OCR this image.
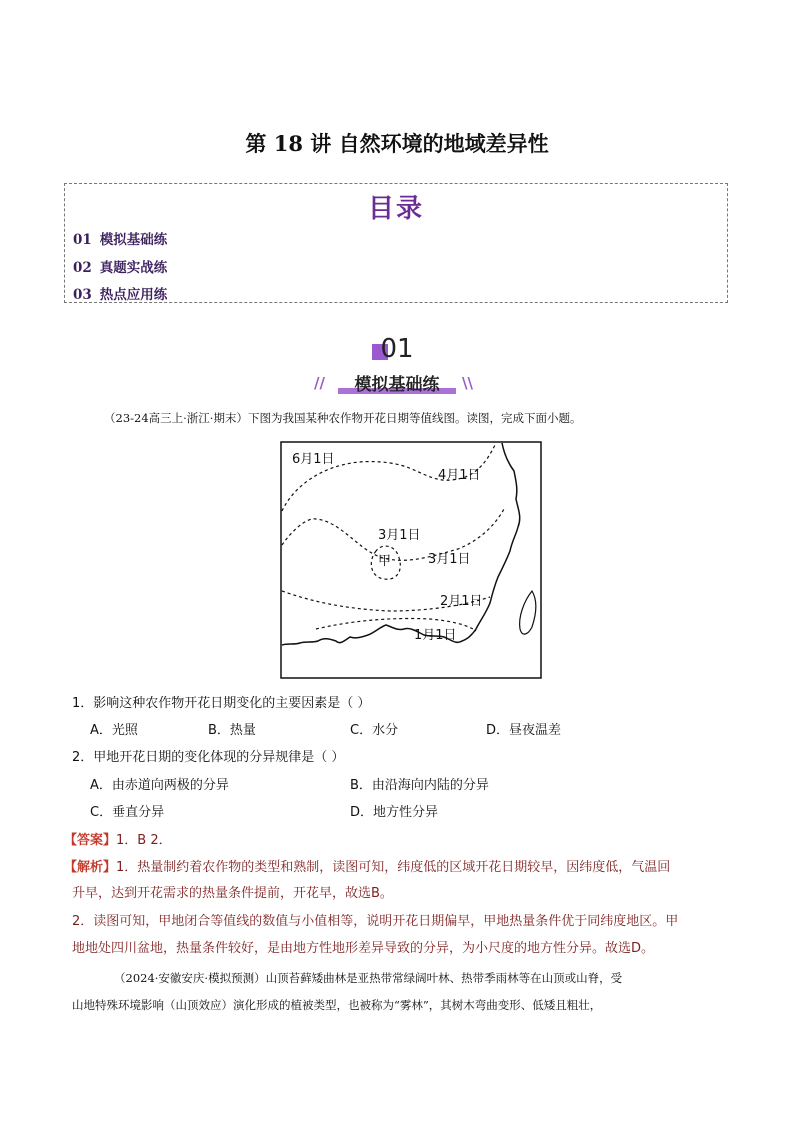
第 18 讲 自然环境的地域差异性
目录
01 模拟基础练
02 真题实战练
03 热点应用练
01
//	\\
模拟基础练
（23-24高三上·浙江·期末）下图为我国某种农作物开花日期等值线图。读图，完成下面小题。
6月1日
4月1日
3月1日
甲	3月1日
2月1日
1月1日
1．影响这种农作物开花日期变化的主要因素是（ ）
A．光照	B．热量	C．水分	D．昼夜温差
2．甲地开花日期的变化体现的分异规律是（ ）
A．由赤道向两极的分异	B．由沿海向内陆的分异
C．垂直分异	D．地方性分异
【答案】1．B 2．
【解析】1．热量制约着农作物的类型和熟制，读图可知，纬度低的区域开花日期较早，因纬度低，气温回
升早，达到开花需求的热量条件提前，开花早，故选B。
2．读图可知，甲地闭合等值线的数值与小值相等，说明开花日期偏早，甲地热量条件优于同纬度地区。甲
地地处四川盆地，热量条件较好，是由地方性地形差异导致的分异，为小尺度的地方性分异。故选D。
（2024·安徽安庆·模拟预测）山顶苔藓矮曲林是亚热带常绿阔叶林、热带季雨林等在山顶或山脊，受
山地特殊环境影响（山顶效应）演化形成的植被类型，也被称为“雾林”，其树木弯曲变形、低矮且粗壮，
